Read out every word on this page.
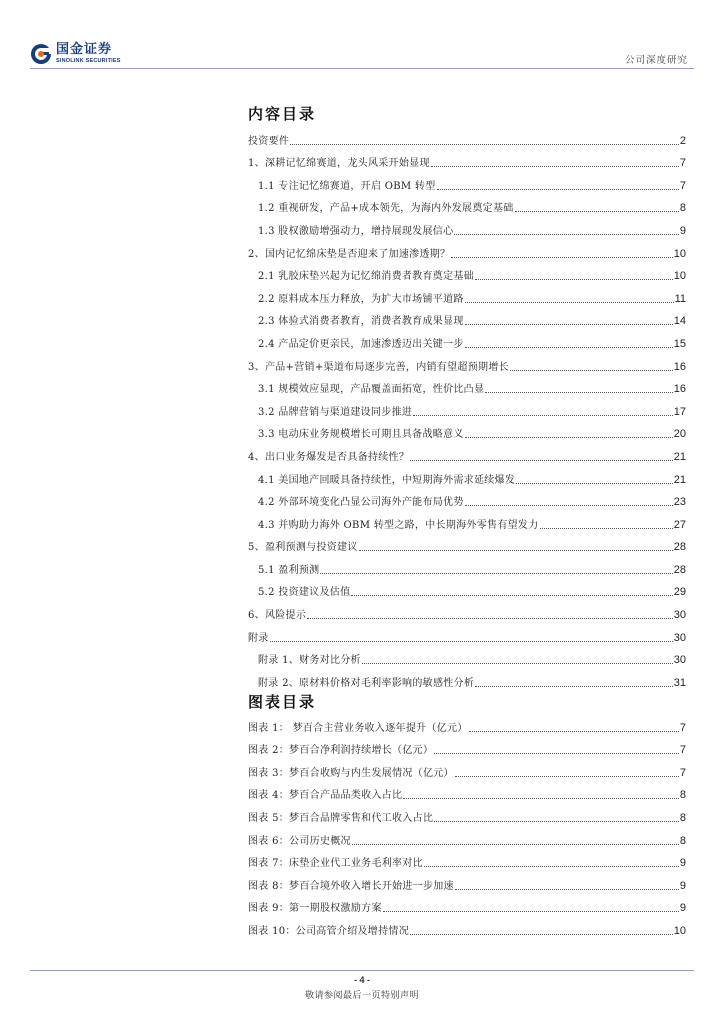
国金证券
SINOLINK SECURITIES	公司深度研究
内容目录
投资要件	2
1、深耕记忆绵赛道，龙头风采开始显现	7
1.1 专注记忆绵赛道，开启 OBM 转型	7
1.2 重视研发，产品+成本领先，为海内外发展奠定基础	8
1.3 股权激励增强动力，增持展现发展信心	9
2、国内记忆绵床垫是否迎来了加速渗透期？	10
2.1 乳胶床垫兴起为记忆绵消费者教育奠定基础	10
2.2 原料成本压力释放，为扩大市场铺平道路	11
2.3 体验式消费者教育，消费者教育成果显现	14
2.4 产品定价更亲民，加速渗透迈出关键一步	15
3、产品+营销+渠道布局逐步完善，内销有望超预期增长	16
3.1 规模效应显现，产品覆盖面拓宽，性价比凸显	16
3.2 品牌营销与渠道建设同步推进	17
3.3 电动床业务规模增长可期且具备战略意义	20
4、出口业务爆发是否具备持续性？	21
4.1 美国地产回暖具备持续性，中短期海外需求延续爆发	21
4.2 外部环境变化凸显公司海外产能布局优势	23
4.3 并购助力海外 OBM 转型之路，中长期海外零售有望发力	27
5、盈利预测与投资建议	28
5.1 盈利预测	28
5.2 投资建议及估值	29
6、风险提示	30
附录	30
附录 1、财务对比分析	30
附录 2、原材料价格对毛利率影响的敏感性分析	31
图表目录
图表 1： 梦百合主营业务收入逐年提升（亿元）	7
图表 2：梦百合净利润持续增长（亿元）	7
图表 3：梦百合收购与内生发展情况（亿元）	7
图表 4：梦百合产品品类收入占比	8
图表 5：梦百合品牌零售和代工收入占比	8
图表 6：公司历史概况	8
图表 7：床垫企业代工业务毛利率对比	9
图表 8：梦百合境外收入增长开始进一步加速	9
图表 9：第一期股权激励方案	9
图表 10：公司高管介绍及增持情况	10
- 4 -
敬请参阅最后一页特别声明
